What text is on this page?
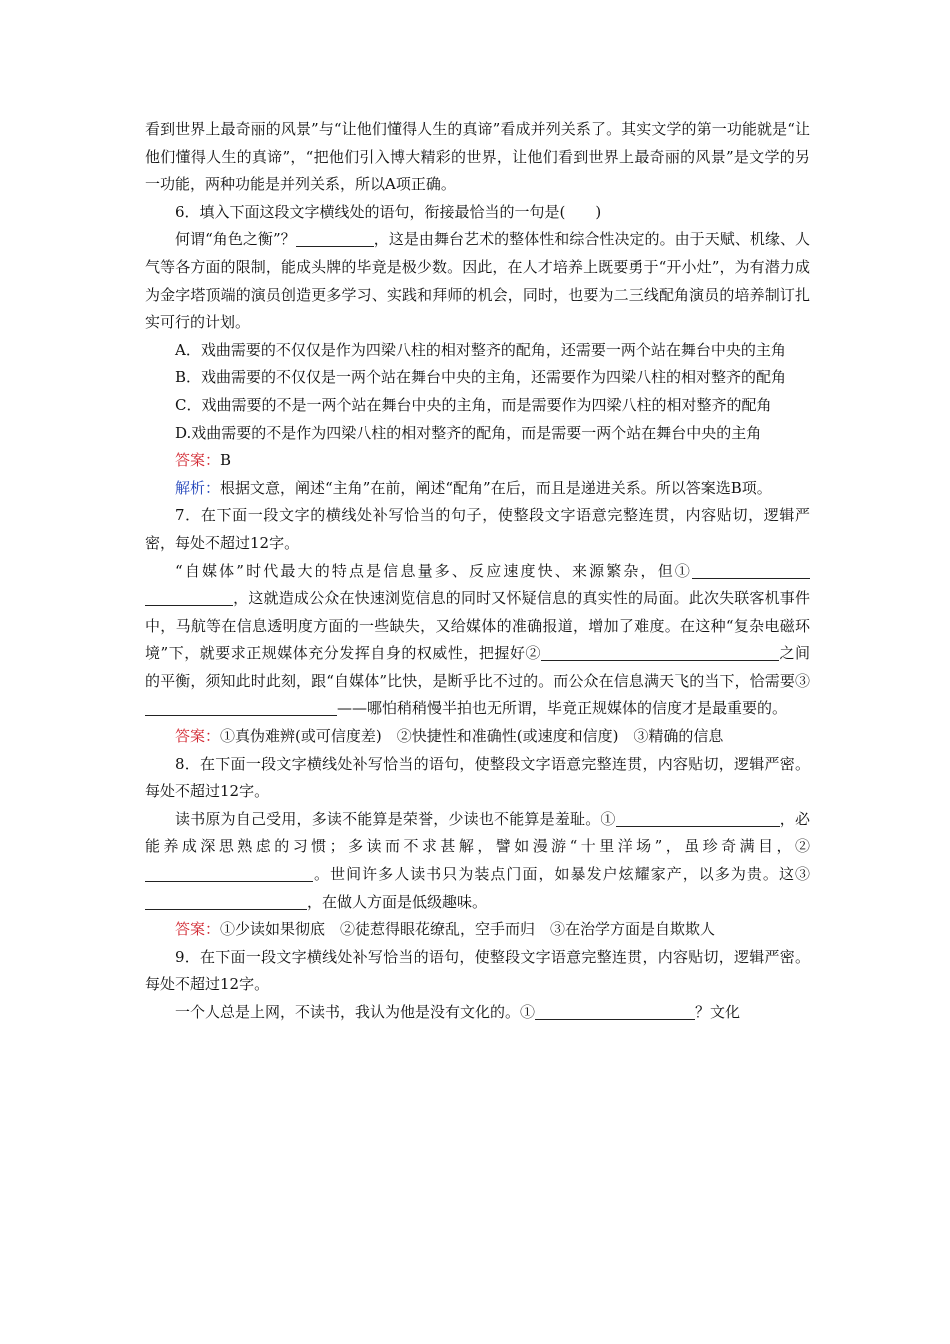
看到世界上最奇丽的风景”与“让他们懂得人生的真谛”看成并列关系了。其实文学的第一功能就是“让他们懂得人生的真谛”，“把他们引入博大精彩的世界，让他们看到世界上最奇丽的风景”是文学的另一功能，两种功能是并列关系，所以A项正确。

6．填入下面这段文字横线处的语句，衔接最恰当的一句是(　　)

何谓“角色之衡”？	，这是由舞台艺术的整体性和综合性决定的。由于天赋、机缘、人气等各方面的限制，能成头牌的毕竟是极少数。因此，在人才培养上既要勇于“开小灶”，为有潜力成为金字塔顶端的演员创造更多学习、实践和拜师的机会，同时，也要为二三线配角演员的培养制订扎实可行的计划。

A．戏曲需要的不仅仅是作为四梁八柱的相对整齐的配角，还需要一两个站在舞台中央的主角

B．戏曲需要的不仅仅是一两个站在舞台中央的主角，还需要作为四梁八柱的相对整齐的配角

C．戏曲需要的不是一两个站在舞台中央的主角，而是需要作为四梁八柱的相对整齐的配角

D.戏曲需要的不是作为四梁八柱的相对整齐的配角，而是需要一两个站在舞台中央的主角

答案：B

解析：根据文意，阐述“主角”在前，阐述“配角”在后，而且是递进关系。所以答案选B项。

7．在下面一段文字的横线处补写恰当的句子，使整段文字语意完整连贯，内容贴切，逻辑严密，每处不超过12字。

“自媒体”时代最大的特点是信息量多、反应速度快、来源繁杂，但①，这就造成公众在快速浏览信息的同时又怀疑信息的真实性的局面。此次失联客机事件中，马航等在信息透明度方面的一些缺失，又给媒体的准确报道，增加了难度。在这种“复杂电磁环境”下，就要求正规媒体充分发挥自身的权威性，把握好②	之间的平衡，须知此时此刻，跟“自媒体”比快，是断乎比不过的。而公众在信息满天飞的当下，恰需要③——哪怕稍稍慢半拍也无所谓，毕竟正规媒体的信度才是最重要的。

答案：①真伪难辨(或可信度差)　②快捷性和准确性(或速度和信度)　③精确的信息

8．在下面一段文字横线处补写恰当的语句，使整段文字语意完整连贯，内容贴切，逻辑严密。每处不超过12字。

读书原为自己受用，多读不能算是荣誉，少读也不能算是羞耻。①	，必能养成深思熟虑的习惯；多读而不求甚解，譬如漫游“十里洋场”，虽珍奇满目，②。世间许多人读书只为装点门面，如暴发户炫耀家产，以多为贵。这③，在做人方面是低级趣味。

答案：①少读如果彻底　②徒惹得眼花缭乱，空手而归　③在治学方面是自欺欺人

9．在下面一段文字横线处补写恰当的语句，使整段文字语意完整连贯，内容贴切，逻辑严密。每处不超过12字。

一个人总是上网，不读书，我认为他是没有文化的。①	？文化
